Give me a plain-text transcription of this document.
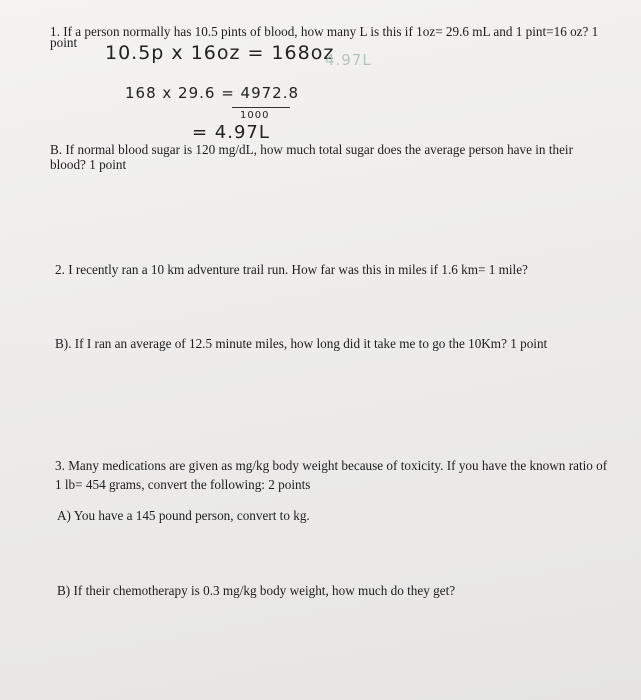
1. If a person normally has 10.5 pints of blood, how many L is this if 1oz= 29.6 mL and 1 pint=16 oz? 1
point 10.5p x 16oz = 168oz
4.97L
168 x 29.6 = 4972.8
1000
= 4.97L
B. If normal blood sugar is 120 mg/dL, how much total sugar does the average person have in their
blood? 1 point
2. I recently ran a 10 km adventure trail run. How far was this in miles if 1.6 km= 1 mile?
B). If I ran an average of 12.5 minute miles, how long did it take me to go the 10Km? 1 point
3. Many medications are given as mg/kg body weight because of toxicity. If you have the known ratio of
1 lb= 454 grams, convert the following: 2 points
A) You have a 145 pound person, convert to kg.
B) If their chemotherapy is 0.3 mg/kg body weight, how much do they get?
